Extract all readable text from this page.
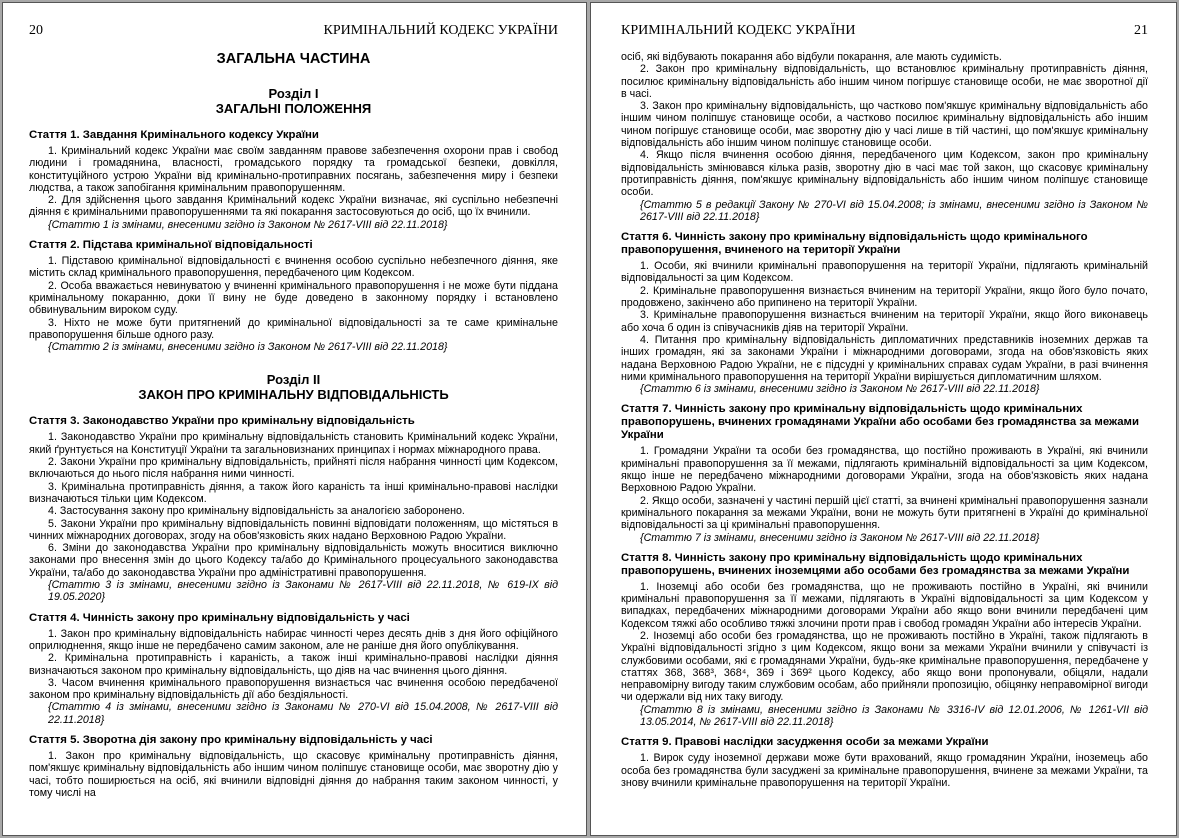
20	КРИМІНАЛЬНИЙ КОДЕКС УКРАЇНИ
ЗАГАЛЬНА ЧАСТИНА
Розділ I
ЗАГАЛЬНІ ПОЛОЖЕННЯ
Стаття 1. Завдання Кримінального кодексу України

1. Кримінальний кодекс України має своїм завданням правове забезпечення охорони прав і свобод людини і громадянина, власності, громадського порядку та громадської безпеки, довкілля, конституційного устрою України від кримінально-протиправних посягань, забезпечення миру і безпеки людства, а також запобігання кримінальним правопорушенням.

2. Для здійснення цього завдання Кримінальний кодекс України визначає, які суспільно небезпечні діяння є кримінальними правопорушеннями та які покарання застосовуються до осіб, що їх вчинили.

{Статтю 1 із змінами, внесеними згідно із Законом № 2617-VIII від 22.11.2018}

Стаття 2. Підстава кримінальної відповідальності

1. Підставою кримінальної відповідальності є вчинення особою суспільно небезпечного діяння, яке містить склад кримінального правопорушення, передбаченого цим Кодексом.

2. Особа вважається невинуватою у вчиненні кримінального правопорушення і не може бути піддана кримінальному покаранню, доки її вину не буде доведено в законному порядку і встановлено обвинувальним вироком суду.

3. Ніхто не може бути притягнений до кримінальної відповідальності за те саме кримінальне правопорушення більше одного разу.

{Статтю 2 із змінами, внесеними згідно із Законом № 2617-VIII від 22.11.2018}

Розділ II
ЗАКОН ПРО КРИМІНАЛЬНУ ВІДПОВІДАЛЬНІСТЬ
Стаття 3. Законодавство України про кримінальну відповідальність

1. Законодавство України про кримінальну відповідальність становить Кримінальний кодекс України, який ґрунтується на Конституції України та загальновизнаних принципах і нормах міжнародного права.

2. Закони України про кримінальну відповідальність, прийняті після набрання чинності цим Кодексом, включаються до нього після набрання ними чинності.

3. Кримінальна протиправність діяння, а також його караність та інші кримінально-правові наслідки визначаються тільки цим Кодексом.

4. Застосування закону про кримінальну відповідальність за аналогією заборонено.

5. Закони України про кримінальну відповідальність повинні відповідати положенням, що містяться в чинних міжнародних договорах, згоду на обов'язковість яких надано Верховною Радою України.

6. Зміни до законодавства України про кримінальну відповідальність можуть вноситися виключно законами про внесення змін до цього Кодексу та/або до Кримінального процесуального законодавства України, та/або до законодавства України про адміністративні правопорушення.

{Статтю 3 із змінами, внесеними згідно із Законами № 2617-VIII від 22.11.2018, № 619-IX від 19.05.2020}

Стаття 4. Чинність закону про кримінальну відповідальність у часі

1. Закон про кримінальну відповідальність набирає чинності через десять днів з дня його офіційного оприлюднення, якщо інше не передбачено самим законом, але не раніше дня його опублікування.

2. Кримінальна протиправність і караність, а також інші кримінально-правові наслідки діяння визначаються законом про кримінальну відповідальність, що діяв на час вчинення цього діяння.

3. Часом вчинення кримінального правопорушення визнається час вчинення особою передбаченої законом про кримінальну відповідальність дії або бездіяльності.

{Статтю 4 із змінами, внесеними згідно із Законами № 270-VI від 15.04.2008, № 2617-VIII від 22.11.2018}

Стаття 5. Зворотна дія закону про кримінальну відповідальність у часі

1. Закон про кримінальну відповідальність, що скасовує кримінальну протиправність діяння, пом'якшує кримінальну відповідальність або іншим чином поліпшує становище особи, має зворотну дію у часі, тобто поширюється на осіб, які вчинили відповідні діяння до набрання таким законом чинності, у тому числі на

КРИМІНАЛЬНИЙ КОДЕКС УКРАЇНИ	21

осіб, які відбувають покарання або відбули покарання, але мають судимість.

2. Закон про кримінальну відповідальність, що встановлює кримінальну протиправність діяння, посилює кримінальну відповідальність або іншим чином погіршує становище особи, не має зворотної дії в часі.

3. Закон про кримінальну відповідальність, що частково пом'якшує кримінальну відповідальність або іншим чином поліпшує становище особи, а частково посилює кримінальну відповідальність або іншим чином погіршує становище особи, має зворотну дію у часі лише в тій частині, що пом'якшує кримінальну відповідальність або іншим чином поліпшує становище особи.

4. Якщо після вчинення особою діяння, передбаченого цим Кодексом, закон про кримінальну відповідальність змінювався кілька разів, зворотну дію в часі має той закон, що скасовує кримінальну протиправність діяння, пом'якшує кримінальну відповідальність або іншим чином поліпшує становище особи.

{Статтю 5 в редакції Закону № 270-VI від 15.04.2008; із змінами, внесеними згідно із Законом № 2617-VIII від 22.11.2018}

Стаття 6. Чинність закону про кримінальну відповідальність щодо кримінального правопорушення, вчиненого на території України

1. Особи, які вчинили кримінальні правопорушення на території України, підлягають кримінальній відповідальності за цим Кодексом.

2. Кримінальне правопорушення визнається вчиненим на території України, якщо його було почато, продовжено, закінчено або припинено на території України.

3. Кримінальне правопорушення визнається вчиненим на території України, якщо його виконавець або хоча б один із співучасників діяв на території України.

4. Питання про кримінальну відповідальність дипломатичних представників іноземних держав та інших громадян, які за законами України і міжнародними договорами, згода на обов'язковість яких надана Верховною Радою України, не є підсудні у кримінальних справах судам України, в разі вчинення ними кримінального правопорушення на території України вирішується дипломатичним шляхом.

{Статтю 6 із змінами, внесеними згідно із Законом № 2617-VIII від 22.11.2018}

Стаття 7. Чинність закону про кримінальну відповідальність щодо кримінальних правопорушень, вчинених громадянами України або особами без громадянства за межами України

1. Громадяни України та особи без громадянства, що постійно проживають в Україні, які вчинили кримінальні правопорушення за її межами, підлягають кримінальній відповідальності за цим Кодексом, якщо інше не передбачено міжнародними договорами України, згода на обов'язковість яких надана Верховною Радою України.

2. Якщо особи, зазначені у частині першій цієї статті, за вчинені кримінальні правопорушення зазнали кримінального покарання за межами України, вони не можуть бути притягнені в Україні до кримінальної відповідальності за ці кримінальні правопорушення.

{Статтю 7 із змінами, внесеними згідно із Законом № 2617-VIII від 22.11.2018}

Стаття 8. Чинність закону про кримінальну відповідальність щодо кримінальних правопорушень, вчинених іноземцями або особами без громадянства за межами України

1. Іноземці або особи без громадянства, що не проживають постійно в Україні, які вчинили кримінальні правопорушення за її межами, підлягають в Україні відповідальності за цим Кодексом у випадках, передбачених міжнародними договорами України або якщо вони вчинили передбачені цим Кодексом тяжкі або особливо тяжкі злочини проти прав і свобод громадян України або інтересів України.

2. Іноземці або особи без громадянства, що не проживають постійно в Україні, також підлягають в Україні відповідальності згідно з цим Кодексом, якщо вони за межами України вчинили у співучасті із службовими особами, які є громадянами України, будь-яке кримінальне правопорушення, передбачене у статтях 368, 368³, 368⁴, 369 і 369² цього Кодексу, або якщо вони пропонували, обіцяли, надали неправомірну вигоду таким службовим особам, або прийняли пропозицію, обіцянку неправомірної вигоди чи одержали від них таку вигоду.

{Статтю 8 із змінами, внесеними згідно із Законами № 3316-IV від 12.01.2006, № 1261-VII від 13.05.2014, № 2617-VIII від 22.11.2018}

Стаття 9. Правові наслідки засудження особи за межами України

1. Вирок суду іноземної держави може бути врахований, якщо громадянин України, іноземець або особа без громадянства були засуджені за кримінальне правопорушення, вчинене за межами України, та знову вчинили кримінальне правопорушення на території України.
